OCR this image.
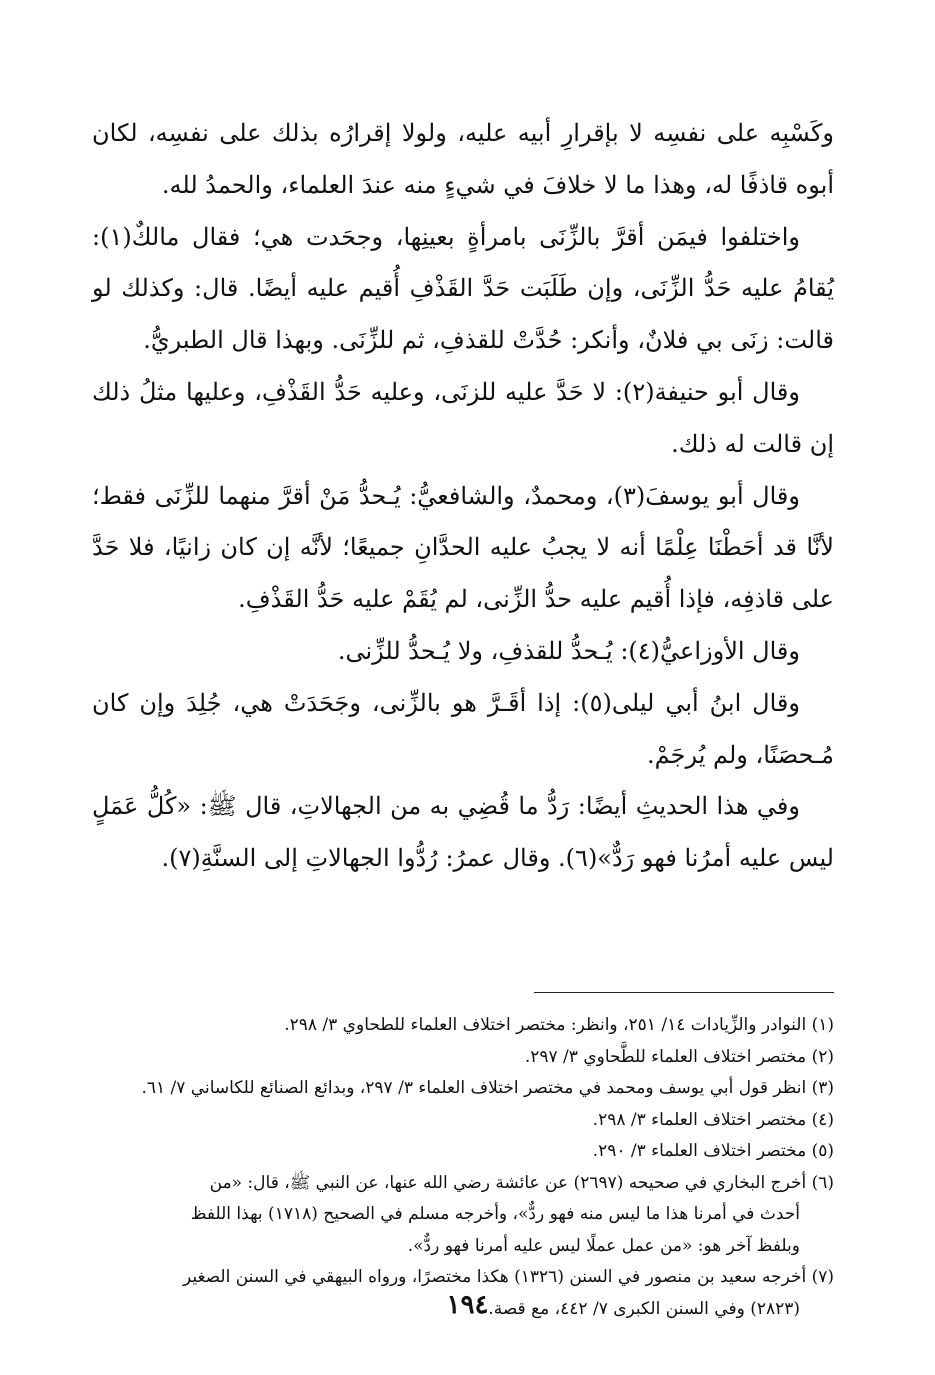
وكَسْبِه على نفسِه لا بإقرارِ أبيه عليه، ولولا إقرارُه بذلك على نفسِه، لكان أبوه قاذفًا له، وهذا ما لا خلافَ في شيءٍ منه عندَ العلماء، والحمدُ لله.

واختلفوا فيمَن أقرَّ بالزِّنَى بامرأةٍ بعينِها، وجحَدت هي؛ فقال مالكٌ(١): يُقامُ عليه حَدُّ الزِّنَى، وإن طَلَبَت حَدَّ القَذْفِ أُقيم عليه أيضًا. قال: وكذلك لو قالت: زنَى بي فلانٌ، وأنكر: حُدَّتْ للقذفِ، ثم للزِّنَى. وبهذا قال الطبريُّ.

وقال أبو حنيفة(٢): لا حَدَّ عليه للزنَى، وعليه حَدُّ القَذْفِ، وعليها مثلُ ذلك إن قالت له ذلك.

وقال أبو يوسفَ(٣)، ومحمدٌ، والشافعيُّ: يُـحدُّ مَنْ أقرَّ منهما للزِّنَى فقط؛ لأنَّا قد أحَطْنَا عِلْمًا أنه لا يجبُ عليه الحدَّانِ جميعًا؛ لأنَّه إن كان زانيًا، فلا حَدَّ على قاذفِه، فإذا أُقيم عليه حدُّ الزِّنى، لم يُقَمْ عليه حَدُّ القَذْفِ.

وقال الأوزاعيُّ(٤): يُـحدُّ للقذفِ، ولا يُـحدُّ للزِّنى.

وقال ابنُ أبي ليلى(٥): إذا أقَـرَّ هو بالزِّنى، وجَحَدَتْ هي، جُلِدَ وإن كان مُـحصَنًا، ولم يُرجَمْ.

وفي هذا الحديثِ أيضًا: رَدُّ ما قُضِي به من الجهالاتِ، قال ﷺ: «كُلُّ عَمَلٍ ليس عليه أمرُنا فهو رَدٌّ»(٦). وقال عمرُ: رُدُّوا الجهالاتِ إلى السنَّةِ(٧).

(١) النوادر والزِّيادات ١٤/ ٢٥١، وانظر: مختصر اختلاف العلماء للطحاوي ٣/ ٢٩٨.

(٢) مختصر اختلاف العلماء للطَّحاوي ٣/ ٢٩٧.

(٣) انظر قول أبي يوسف ومحمد في مختصر اختلاف العلماء ٣/ ٢٩٧، وبدائع الصنائع للكاساني ٧/ ٦١.

(٤) مختصر اختلاف العلماء ٣/ ٢٩٨.

(٥) مختصر اختلاف العلماء ٣/ ٢٩٠.

(٦) أخرج البخاري في صحيحه (٢٦٩٧) عن عائشة رضي الله عنها، عن النبي ﷺ، قال: «من

أحدث في أمرنا هذا ما ليس منه فهو ردٌّ»، وأخرجه مسلم في الصحيح (١٧١٨) بهذا اللفظ

وبلفظ آخر هو: «من عمل عملًا ليس عليه أمرنا فهو ردٌّ».

(٧) أخرجه سعيد بن منصور في السنن (١٣٢٦) هكذا مختصرًا، ورواه البيهقي في السنن الصغير

(٢٨٢٣) وفي السنن الكبرى ٧/ ٤٤٢، مع قصة.

١٩٤
